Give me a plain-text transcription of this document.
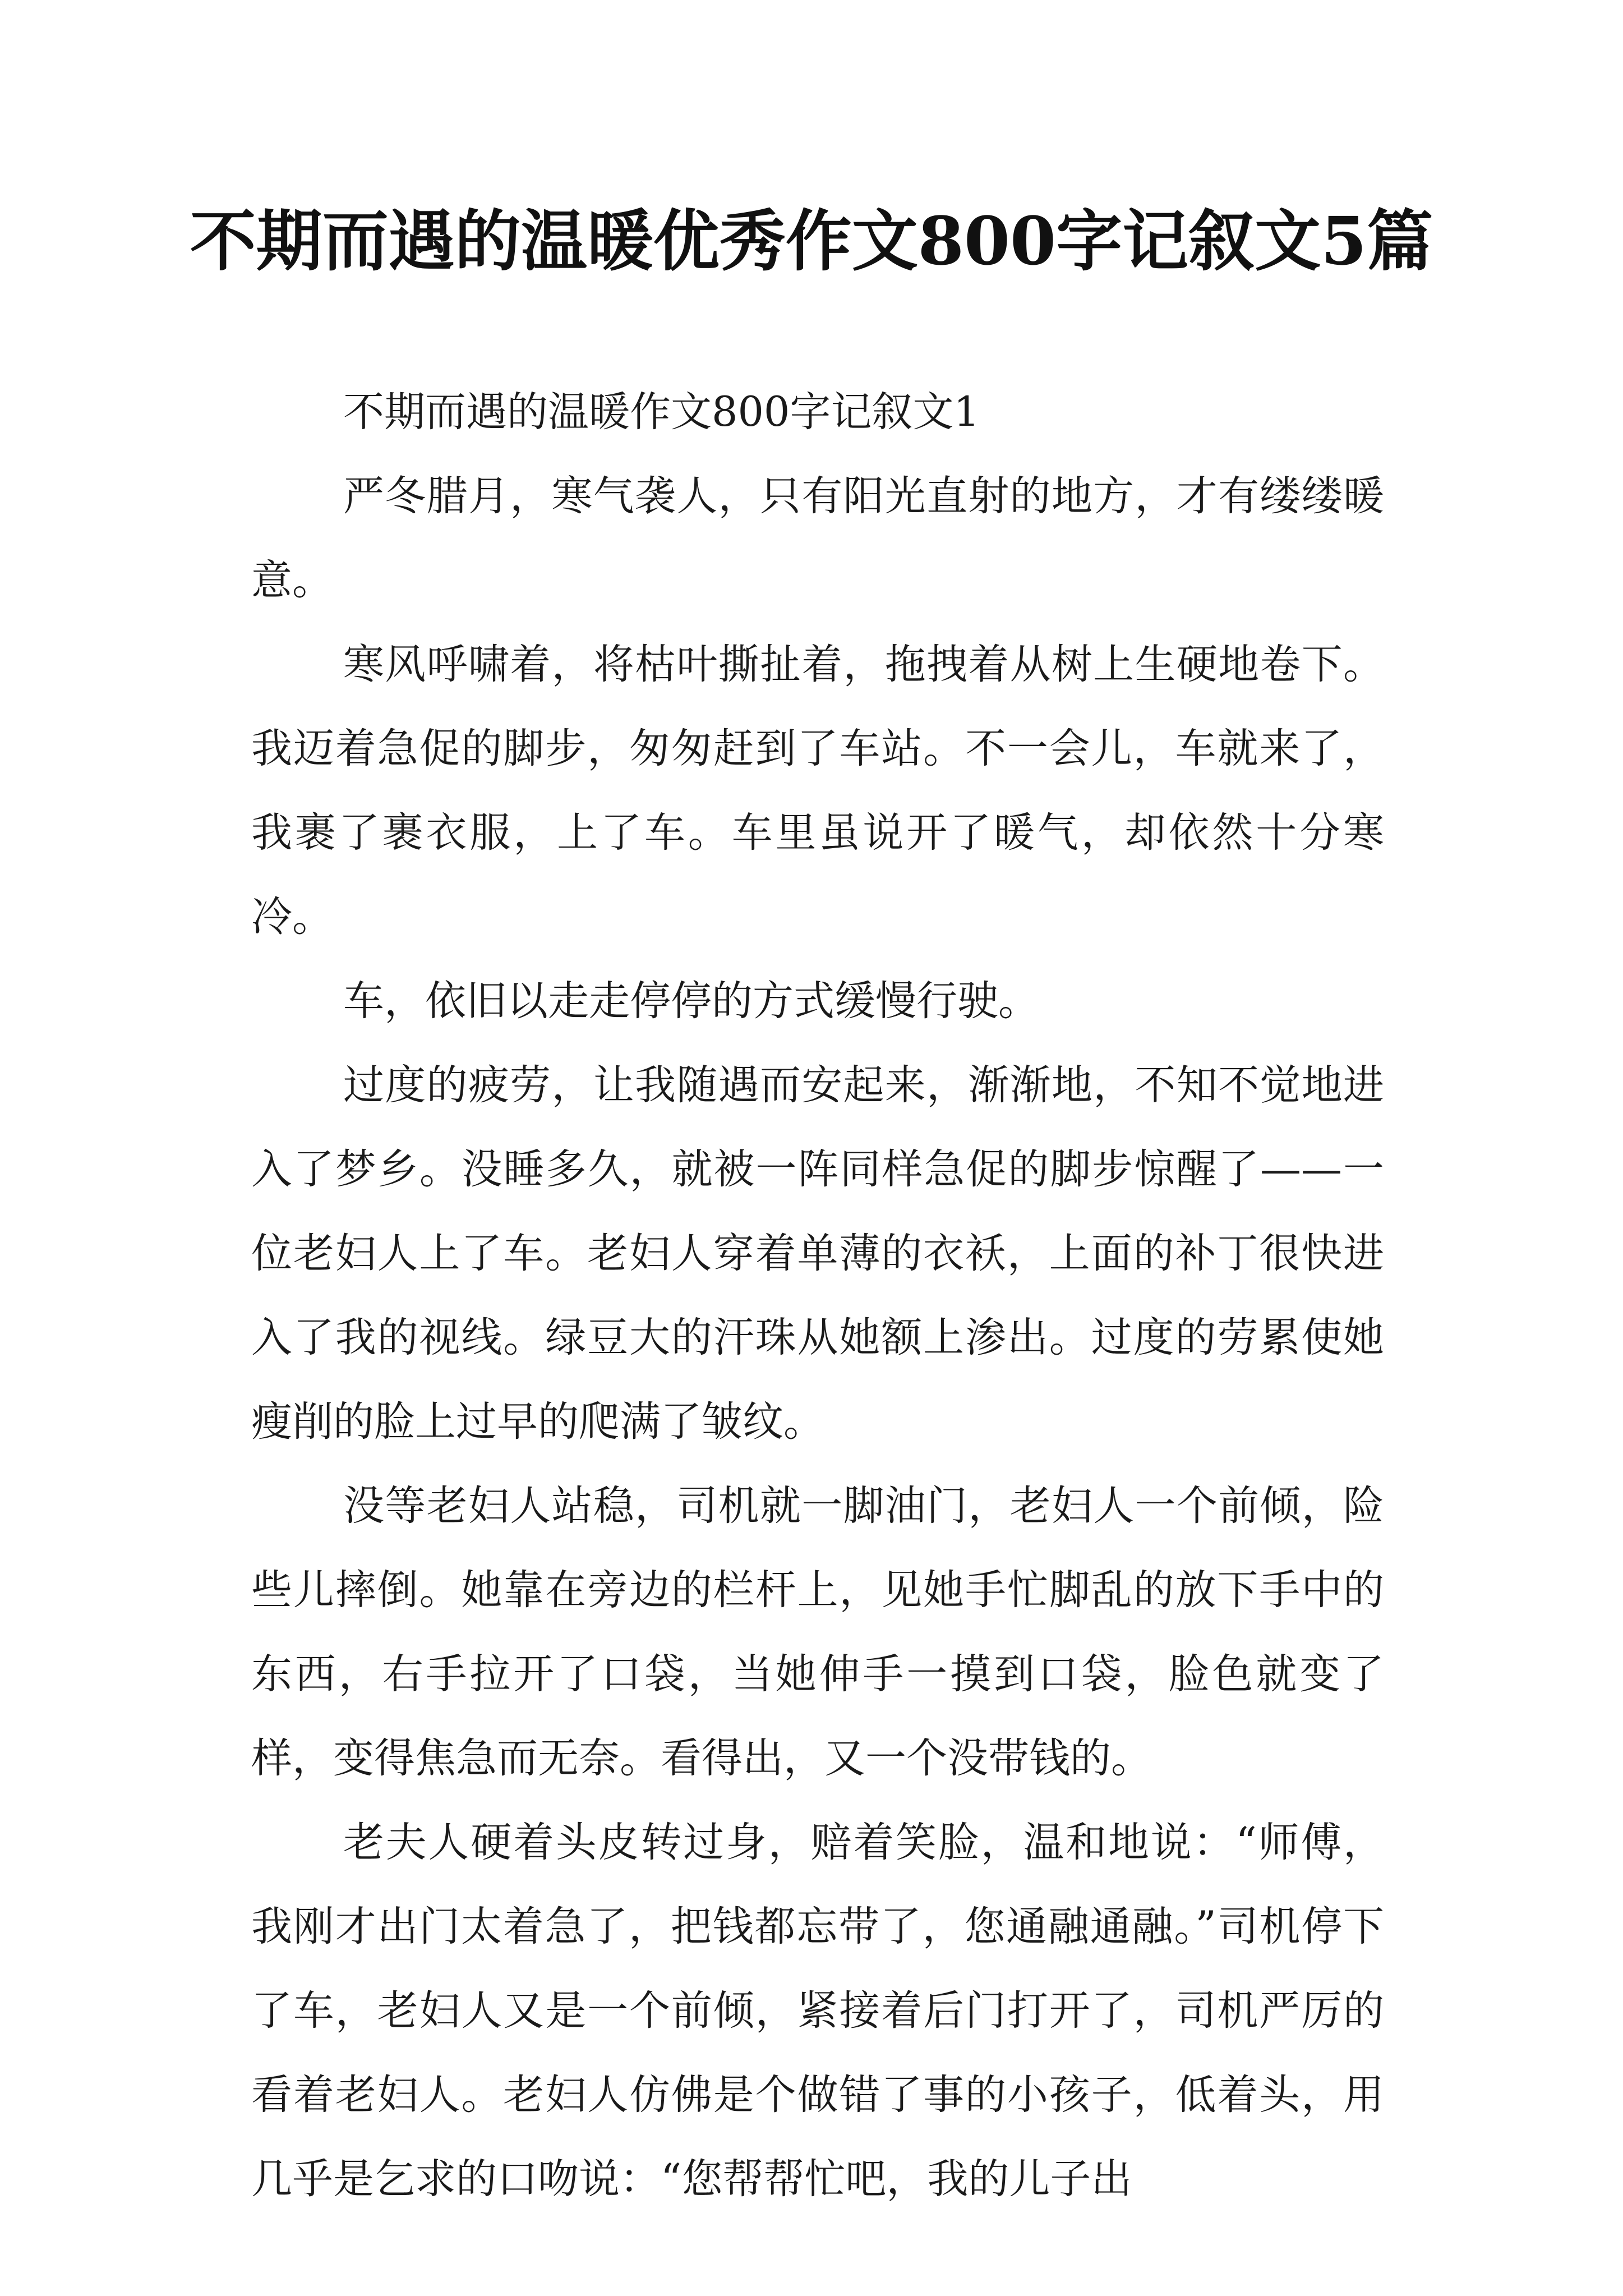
不期而遇的温暖优秀作文800字记叙文5篇

不期而遇的温暖作文800字记叙文1

严冬腊月，寒气袭人，只有阳光直射的地方，才有缕缕暖意。

寒风呼啸着，将枯叶撕扯着，拖拽着从树上生硬地卷下。我迈着急促的脚步，匆匆赶到了车站。不一会儿，车就来了，我裹了裹衣服，上了车。车里虽说开了暖气，却依然十分寒冷。

车，依旧以走走停停的方式缓慢行驶。

过度的疲劳，让我随遇而安起来，渐渐地，不知不觉地进入了梦乡。没睡多久，就被一阵同样急促的脚步惊醒了——一位老妇人上了车。老妇人穿着单薄的衣袄，上面的补丁很快进入了我的视线。绿豆大的汗珠从她额上渗出。过度的劳累使她瘦削的脸上过早的爬满了皱纹。

没等老妇人站稳，司机就一脚油门，老妇人一个前倾，险些儿摔倒。她靠在旁边的栏杆上，见她手忙脚乱的放下手中的东西，右手拉开了口袋，当她伸手一摸到口袋，脸色就变了样，变得焦急而无奈。看得出，又一个没带钱的。

老夫人硬着头皮转过身，赔着笑脸，温和地说：“师傅，我刚才出门太着急了，把钱都忘带了，您通融通融。”司机停下了车，老妇人又是一个前倾，紧接着后门打开了，司机严厉的看着老妇人。老妇人仿佛是个做错了事的小孩子，低着头，用几乎是乞求的口吻说：“您帮帮忙吧，我的儿子出
